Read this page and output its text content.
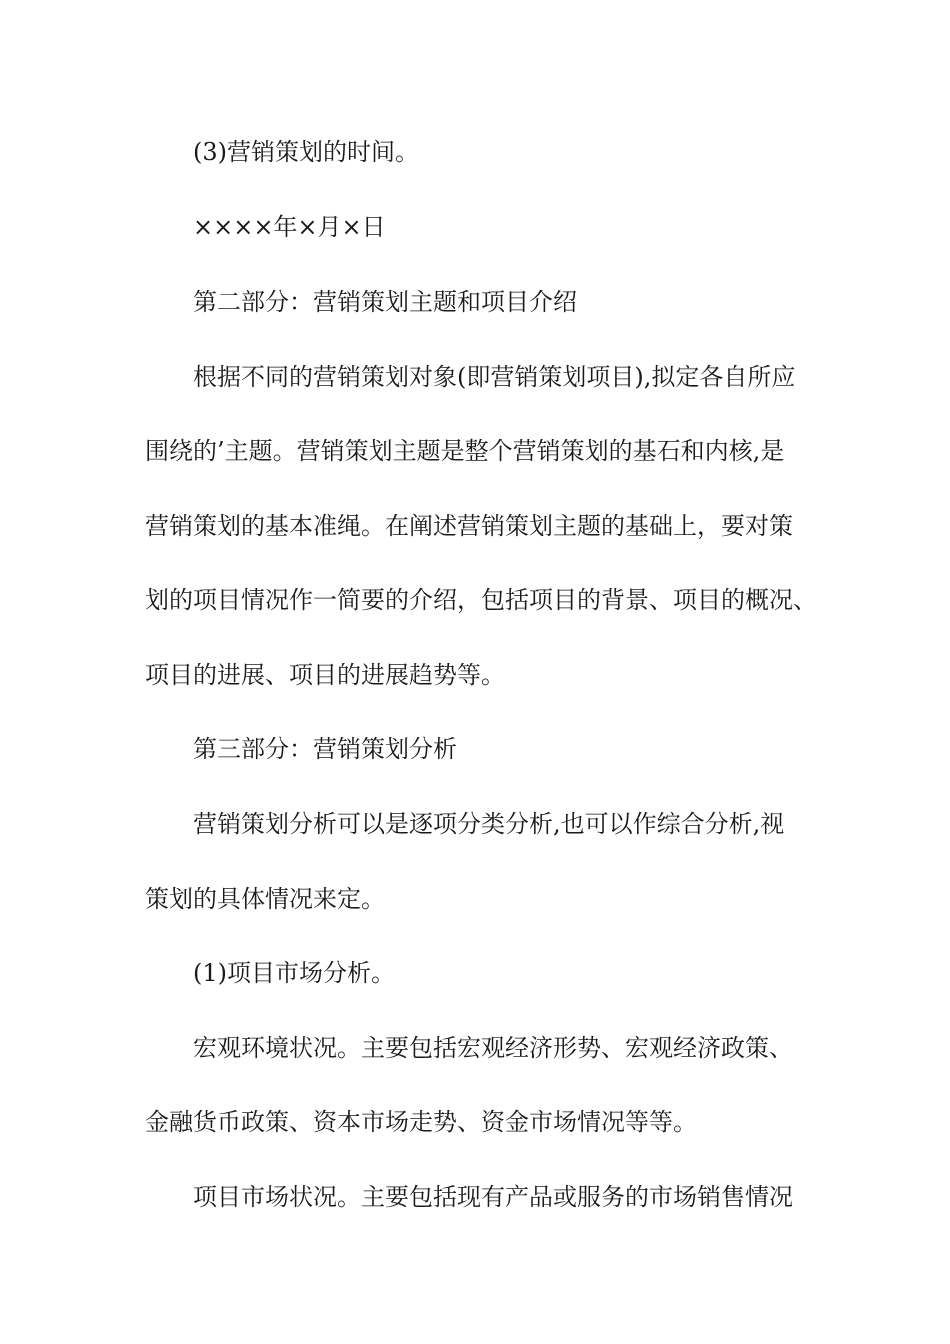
(3)营销策划的时间。
××××年×月×日
第二部分：营销策划主题和项目介绍
根据不同的营销策划对象(即营销策划项目),拟定各自所应
围绕的’主题。营销策划主题是整个营销策划的基石和内核,是
营销策划的基本准绳。在阐述营销策划主题的基础上，要对策
划的项目情况作一简要的介绍，包括项目的背景、项目的概况、
项目的进展、项目的进展趋势等。
第三部分：营销策划分析
营销策划分析可以是逐项分类分析,也可以作综合分析,视
策划的具体情况来定。
(1)项目市场分析。
宏观环境状况。主要包括宏观经济形势、宏观经济政策、
金融货币政策、资本市场走势、资金市场情况等等。
项目市场状况。主要包括现有产品或服务的市场销售情况
